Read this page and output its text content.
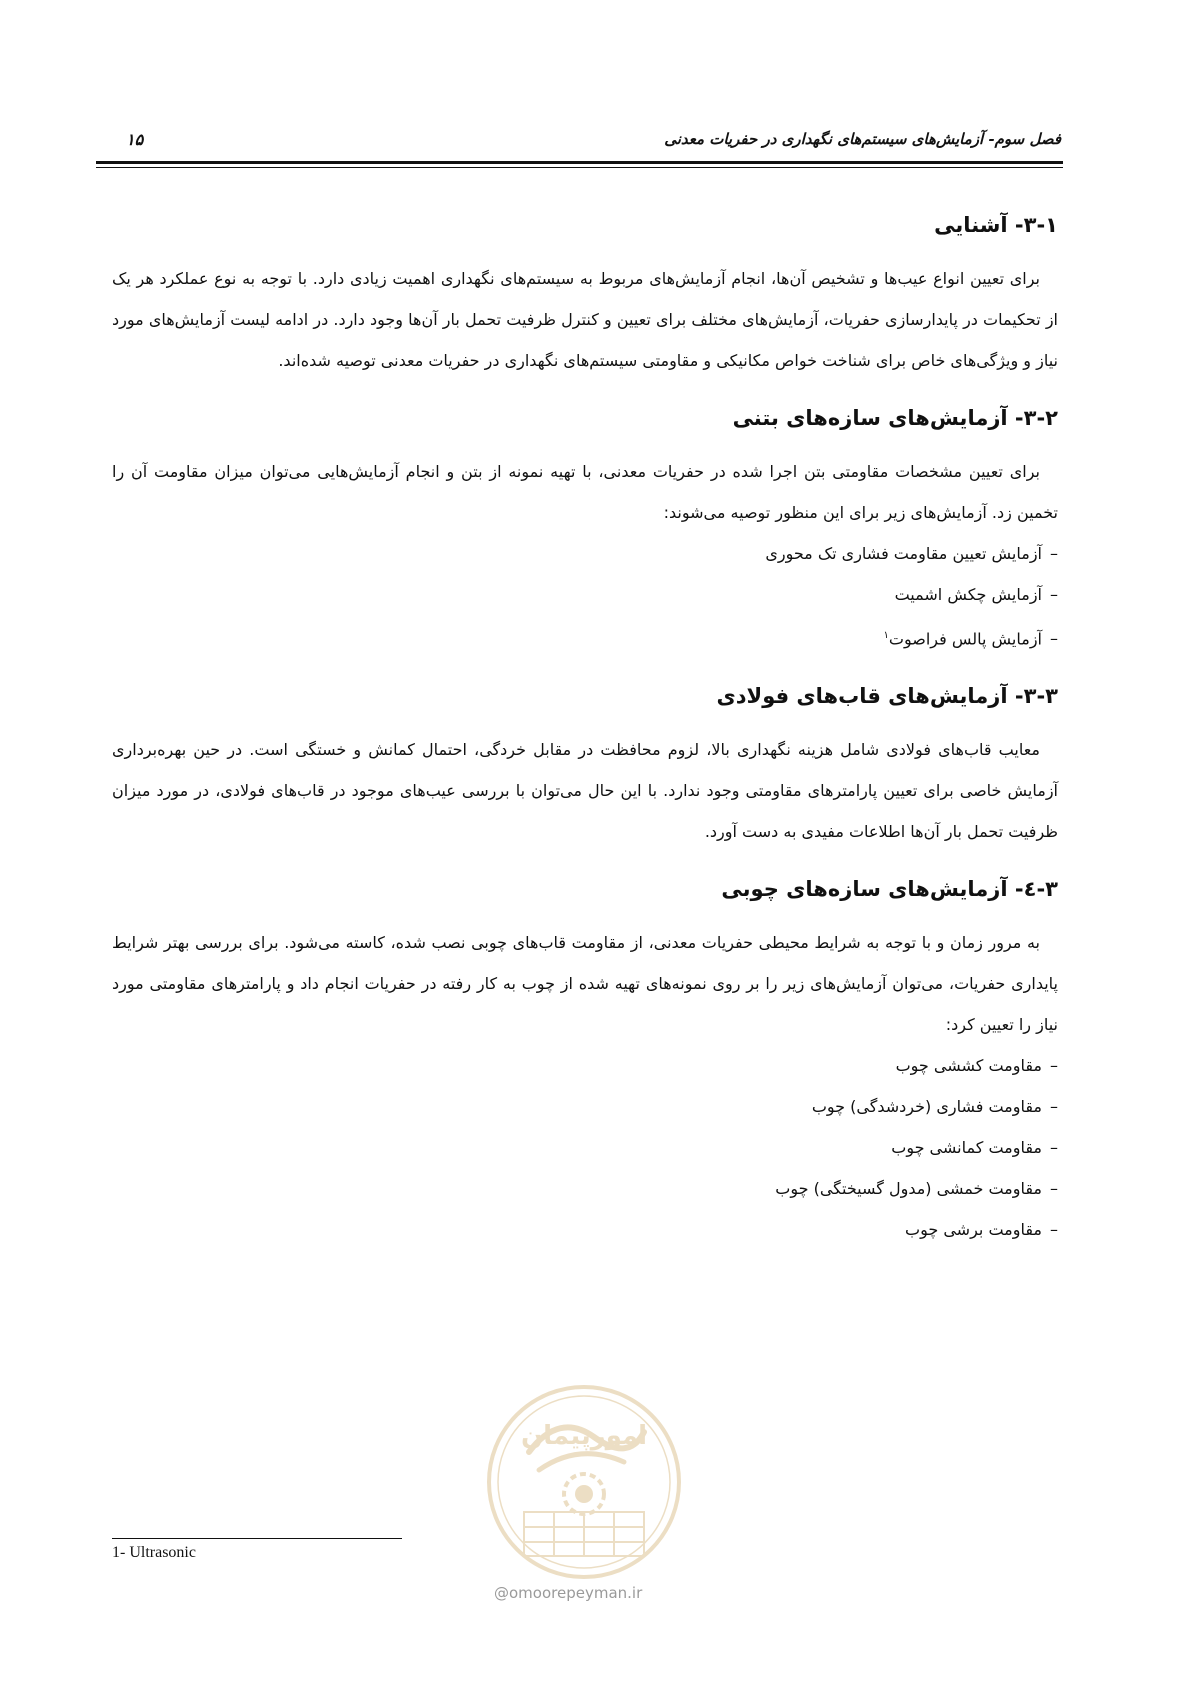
فصل سوم- آزمایش‌های سیستم‌های نگهداری در حفریات معدنی
۱۵
۳-۱- آشنایی

برای تعیین انواع عیب‌ها و تشخیص آن‌ها، انجام آزمایش‌های مربوط به سیستم‌های نگهداری اهمیت زیادی دارد. با توجه به نوع عملکرد هر یک از تحکیمات در پایدارسازی حفریات، آزمایش‌های مختلف برای تعیین و کنترل ظرفیت تحمل بار آن‌ها وجود دارد. در ادامه لیست آزمایش‌های مورد نیاز و ویژگی‌های خاص برای شناخت خواص مکانیکی و مقاومتی سیستم‌های نگهداری در حفریات معدنی توصیه شده‌اند.

۳-۲- آزمایش‌های سازه‌های بتنی

برای تعیین مشخصات مقاومتی بتن اجرا شده در حفریات معدنی، با تهیه نمونه از بتن و انجام آزمایش‌هایی می‌توان میزان مقاومت آن را تخمین زد. آزمایش‌های زیر برای این منظور توصیه می‌شوند:

–آزمایش تعیین مقاومت فشاری تک محوری
–آزمایش چکش اشمیت
–آزمایش پالس فراصوت$^۱$
۳-۳- آزمایش‌های قاب‌های فولادی

معایب قاب‌های فولادی شامل هزینه نگهداری بالا، لزوم محافظت در مقابل خردگی، احتمال کمانش و خستگی است. در حین بهره‌برداری آزمایش خاصی برای تعیین پارامترهای مقاومتی وجود ندارد. با این حال می‌توان با بررسی عیب‌های موجود در قاب‌های فولادی، در مورد میزان ظرفیت تحمل بار آن‌ها اطلاعات مفیدی به دست آورد.

۳-٤- آزمایش‌های سازه‌های چوبی

به مرور زمان و با توجه به شرایط محیطی حفریات معدنی، از مقاومت قاب‌های چوبی نصب شده، کاسته می‌شود. برای بررسی بهتر شرایط پایداری حفریات، می‌توان آزمایش‌های زیر را بر روی نمونه‌های تهیه شده از چوب به کار رفته در حفریات انجام داد و پارامترهای مقاومتی مورد نیاز را تعیین کرد:

–مقاومت کششی چوب
–مقاومت فشاری (خردشدگی) چوب
–مقاومت کمانشی چوب
–مقاومت خمشی (مدول گسیختگی) چوب
–مقاومت برشی چوب
امورپیمان
@omoorepeyman.ir
1- Ultrasonic
